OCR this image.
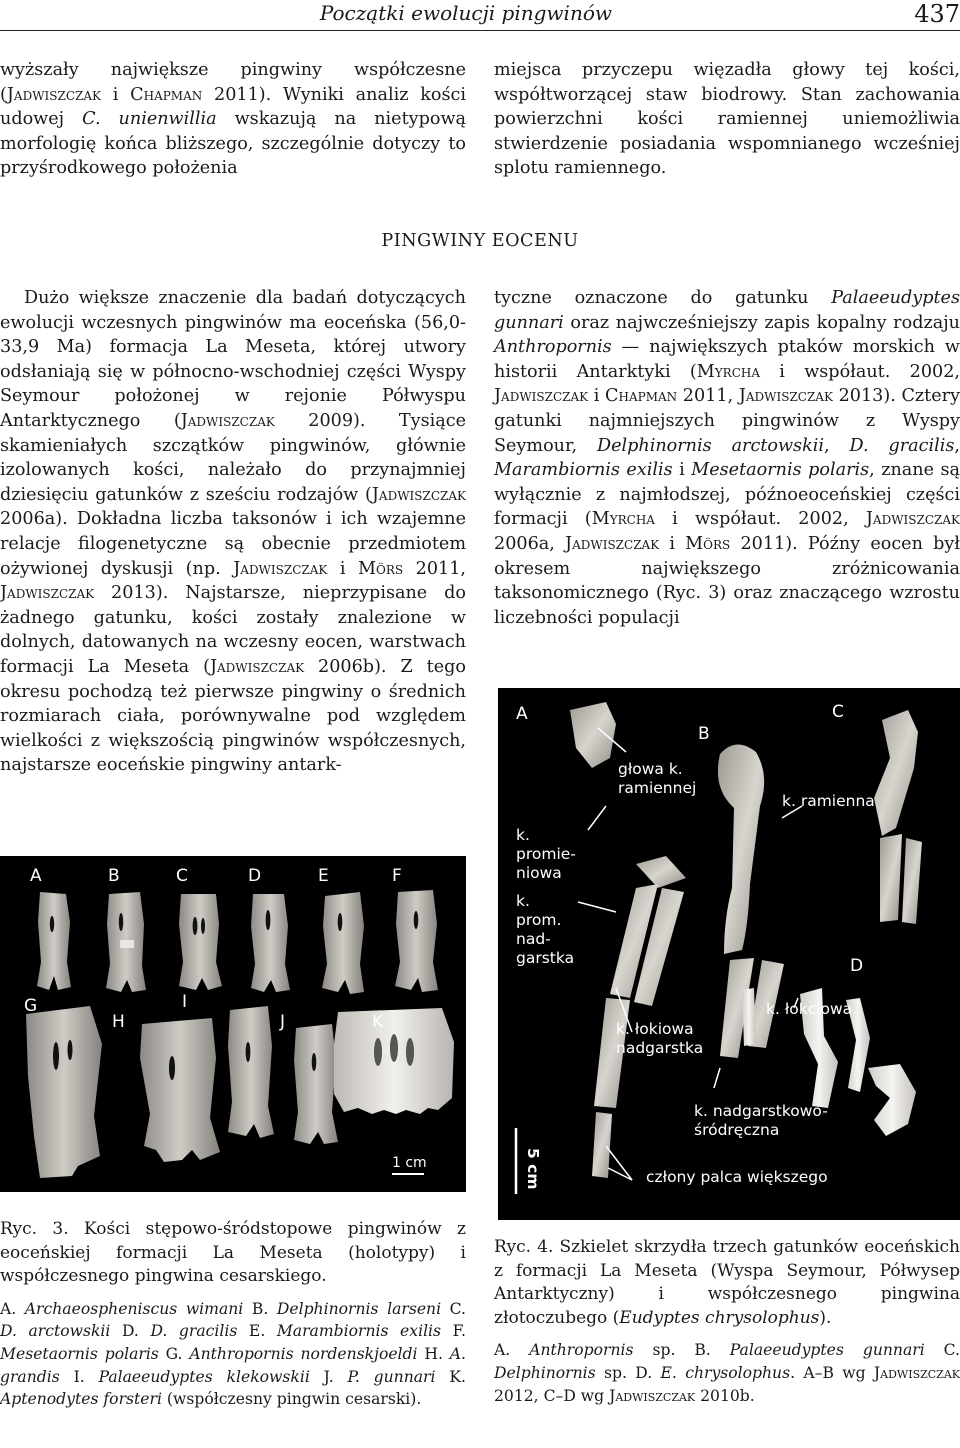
Początki ewolucji pingwinów	437

wyższały największe pingwiny współczesne (Jadwiszczak i Chapman 2011). Wyniki analiz kości udowej C. unienwillia wskazują na nietypową morfologię końca bliższego, szczególnie dotyczy to przyśrodkowego położenia

miejsca przyczepu więzadła głowy tej kości, współtworzącej staw biodrowy. Stan zachowania powierzchni kości ramiennej uniemożliwia stwierdzenie posiadania wspomnianego wcześniej splotu ramiennego.

PINGWINY EOCENU

Dużo większe znaczenie dla badań dotyczących ewolucji wczesnych pingwinów ma eoceńska (56,0-33,9 Ma) formacja La Meseta, której utwory odsłaniają się w północno-wschodniej części Wyspy Seymour położonej w rejonie Półwyspu Antarktycznego (Jadwiszczak 2009). Tysiące skamieniałych szczątków pingwinów, głównie izolowanych kości, należało do przynajmniej dziesięciu gatunków z sześciu rodzajów (Jadwiszczak 2006a). Dokładna liczba taksonów i ich wzajemne relacje filogenetyczne są obecnie przedmiotem ożywionej dyskusji (np. Jadwiszczak i Mörs 2011, Jadwiszczak 2013). Najstarsze, nieprzypisane do żadnego gatunku, kości zostały znalezione w dolnych, datowanych na wczesny eocen, warstwach formacji La Meseta (Jadwiszczak 2006b). Z tego okresu pochodzą też pierwsze pingwiny o średnich rozmiarach ciała, porównywalne pod względem wielkości z większością pingwinów współczesnych, najstarsze eoceńskie pingwiny antark-

tyczne oznaczone do gatunku Palaeeudyptes gunnari oraz najwcześniejszy zapis kopalny rodzaju Anthropornis — największych ptaków morskich w historii Antarktyki (Myrcha i współaut. 2002, Jadwiszczak i Chapman 2011, Jadwiszczak 2013). Cztery gatunki najmniejszych pingwinów z Wyspy Seymour, Delphinornis arctowskii, D. gracilis, Marambiornis exilis i Mesetaornis polaris, znane są wyłącznie z najmłodszej, późnoeoceńskiej części formacji (Myrcha i współaut. 2002, Jadwiszczak 2006a, Jadwiszczak i Mörs 2011). Późny eocen był okresem największego zróżnicowania taksonomicznego (Ryc. 3) oraz znaczącego wzrostu liczebności populacji

A	B	C	D	E	F
G
H
I
J	K
1 cm
A
B
C
D
głowa k. ramiennej
k. promie- niowa
k. ramienna
k. prom. nad- garstka
k. łokciowa
k. łokiowa nadgarstka
k. nadgarstkowo- śródręczna
człony palca większego
5 cm

Ryc. 3. Kości stępowo-śródstopowe pingwinów z eoceńskiej formacji La Meseta (holotypy) i współczesnego pingwina cesarskiego.

A. Archaeospheniscus wimani B. Delphinornis larseni C. D. arctowskii D. D. gracilis E. Marambiornis exilis F. Mesetaornis polaris G. Anthropornis nordenskjoeldi H. A. grandis I. Palaeeudyptes klekowskii J. P. gunnari K. Aptenodytes forsteri (współczesny pingwin cesarski).

Ryc. 4. Szkielet skrzydła trzech gatunków eoceńskich z formacji La Meseta (Wyspa Seymour, Półwysep Antarktyczny) i współczesnego pingwina złotoczubego (Eudyptes chrysolophus).

A. Anthropornis sp. B. Palaeeudyptes gunnari C. Delphinornis sp. D. E. chrysolophus. A–B wg Jadwiszczak 2012, C–D wg Jadwiszczak 2010b.
